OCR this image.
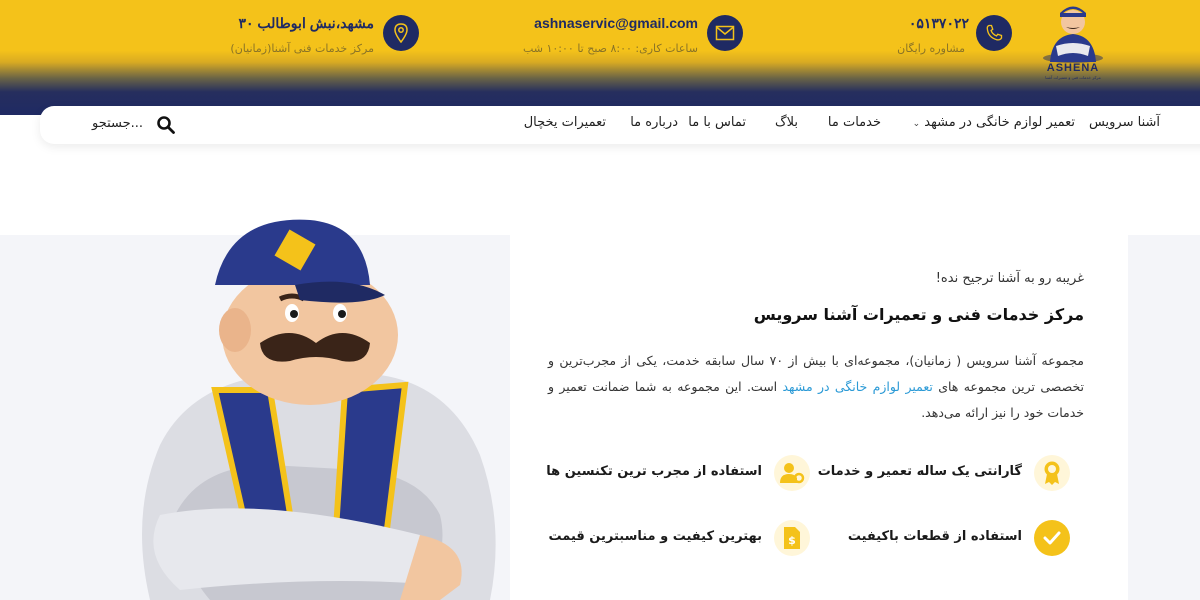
ASHENA
مرکز خدمات فنی و تعمیرات آشنا
۰۵۱۳۷۰۲۲
مشاوره رایگان
ashnaservic@gmail.com
ساعات کاری: ۸:۰۰ صبح تا ۱۰:۰۰ شب
مشهد،نبش ابوطالب ۳۰
مرکز خدمات فنی آشنا(زمانیان)
آشنا سرویس
تعمیر لوازم خانگی در مشهد ⌄
خدمات ما
بلاگ
تماس با ما
درباره ما
تعمیرات یخچال
جستجو...
غریبه رو به آشنا ترجیح نده!
مرکز خدمات فنی و تعمیرات آشنا سرویس
مجموعه آشنا سرویس ( زمانیان)، مجموعه‌ای با بیش از ۷۰ سال سابقه خدمت، یکی از مجرب‌ترین و تخصصی ترین مجموعه های تعمیر لوازم خانگی در مشهد است. این مجموعه به شما ضمانت تعمیر و خدمات خود را نیز ارائه می‌دهد.
گارانتی یک ساله تعمیر و خدمات
استفاده از مجرب ترین تکنسین ها
استفاده از قطعات باکیفیت
$
بهترین کیفیت و مناسبترین قیمت
